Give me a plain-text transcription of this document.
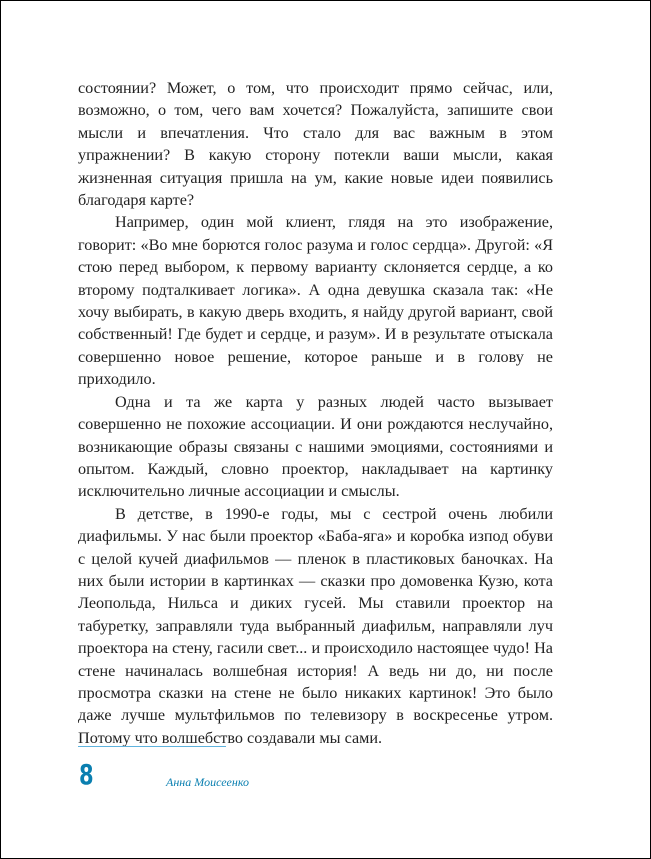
состоянии? Может, о том, что происходит прямо сейчас, или, возможно, о том, чего вам хочется? Пожалуйста, запишите свои мысли и впечатления. Что стало для вас важным в этом упражнении? В какую сторону потекли ваши мысли, какая жизненная ситуация пришла на ум, какие новые идеи появились благодаря карте?

Например, один мой клиент, глядя на это изображение, говорит: «Во мне борются голос разума и голос сердца». Другой: «Я стою перед выбором, к первому варианту склоняется сердце, а ко второму подталкивает логика». А одна девушка сказала так: «Не хочу выбирать, в какую дверь входить, я найду другой вариант, свой собственный! Где будет и сердце, и разум». И в результате отыскала совершенно новое решение, которое раньше и в голову не приходило.

Одна и та же карта у разных людей часто вызывает совершенно не похожие ассоциации. И они рождаются неслучайно, возникающие образы связаны с нашими эмоциями, состояниями и опытом. Каждый, словно проектор, накладывает на картинку исключительно личные ассоциации и смыслы.

В детстве, в 1990-е годы, мы с сестрой очень любили диафильмы. У нас были проектор «Баба-яга» и коробка изпод обуви с целой кучей диафильмов — пленок в пластиковых баночках. На них были истории в картинках — сказки про домовенка Кузю, кота Леопольда, Нильса и диких гусей. Мы ставили проектор на табуретку, заправляли туда выбранный диафильм, направляли луч проектора на стену, гасили свет... и происходило настоящее чудо! На стене начиналась волшебная история! А ведь ни до, ни после просмотра сказки на стене не было никаких картинок! Это было даже лучше мультфильмов по телевизору в воскресенье утром. Потому что волшебство создавали мы сами.

8	Анна Моисеенко
